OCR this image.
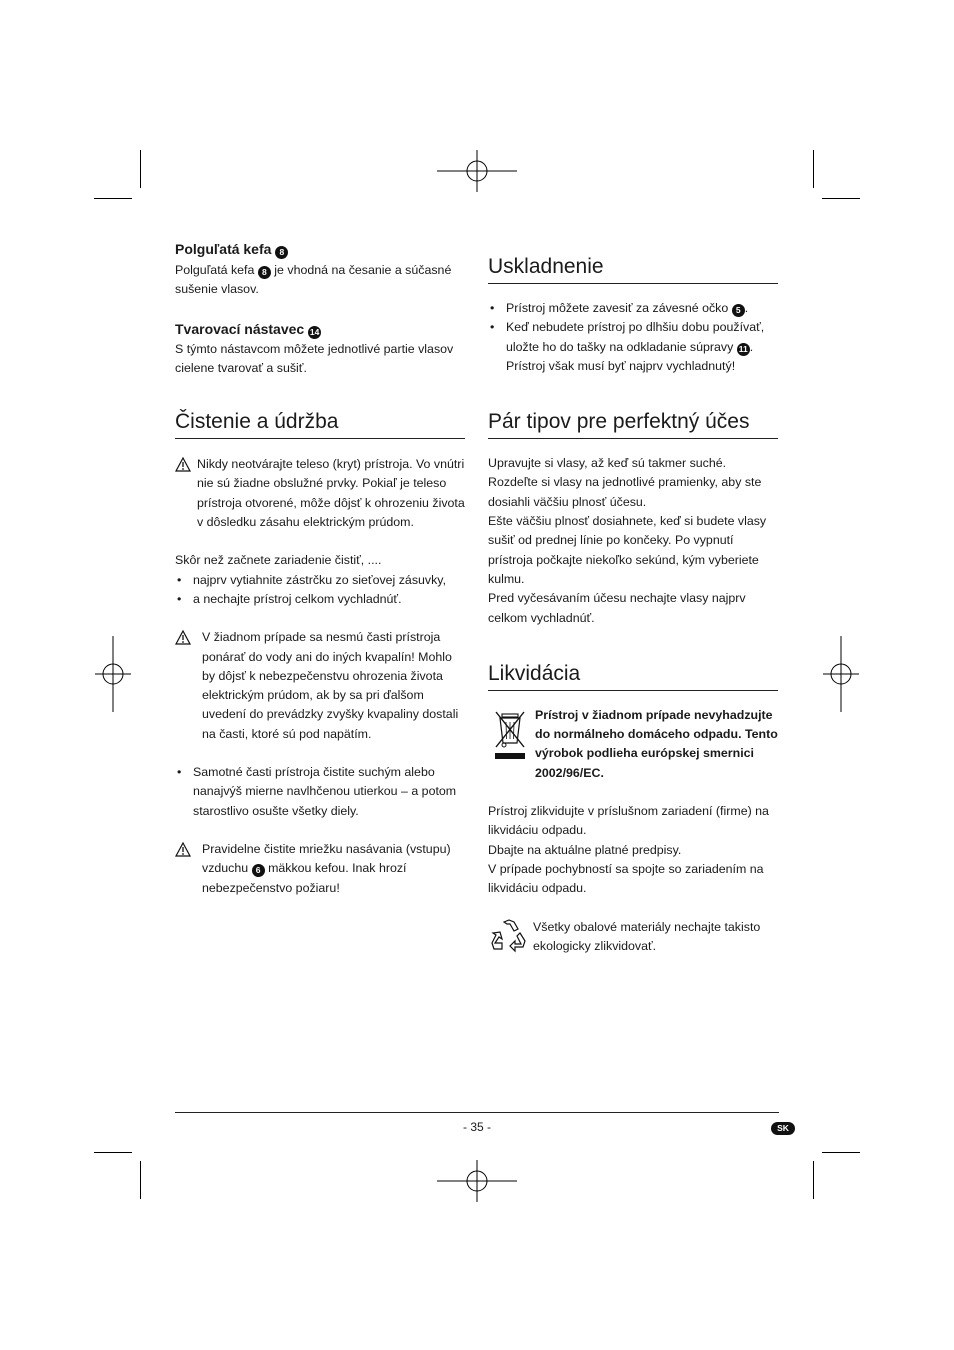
Polguľatá kefa 8

Polguľatá kefa 8 je vhodná na česanie a súčasné sušenie vlasov.

Tvarovací nástavec 14

S týmto nástavcom môžete jednotlivé partie vlasov cielene tvarovať a sušiť.

Čistenie a údržba

Nikdy neotvárajte teleso (kryt) prístroja. Vo vnútri nie sú žiadne obslužné prvky. Pokiaľ je teleso prístroja otvorené, môže dôjsť k ohrozeniu života v dôsledku zásahu elektrickým prúdom.

Skôr než začnete zariadenie čistiť, ....

• najprv vytiahnite zástrčku zo sieťovej zásuvky,
• a nechajte prístroj celkom vychladnúť.

V žiadnom prípade sa nesmú časti prístroja ponárať do vody ani do iných kvapalín! Mohlo by dôjsť k nebezpečenstvu ohrozenia života elektrickým prúdom, ak by sa pri ďalšom uvedení do prevádzky zvyšky kvapaliny dostali na časti, ktoré sú pod napätím.

• Samotné časti prístroja čistite suchým alebo nanajvýš mierne navlhčenou utierkou – a potom starostlivo osušte všetky diely.

Pravidelne čistite mriežku nasávania (vstupu) vzduchu 6 mäkkou kefou. Inak hrozí nebezpečenstvo požiaru!

Uskladnenie
• Prístroj môžete zavesiť za závesné očko 5 .
• Keď nebudete prístroj po dlhšiu dobu používať, uložte ho do tašky na odkladanie súpravy 11 . Prístroj však musí byť najprv vychladnutý!
Pár tipov pre perfektný účes

Upravujte si vlasy, až keď sú takmer suché.

Rozdeľte si vlasy na jednotlivé pramienky, aby ste dosiahli väčšiu plnosť účesu.

Ešte väčšiu plnosť dosiahnete, keď si budete vlasy sušiť od prednej línie po končeky. Po vypnutí prístroja počkajte niekoľko sekúnd, kým vyberiete kulmu.

Pred vyčesávaním účesu nechajte vlasy najprv celkom vychladnúť.

Likvidácia

Prístroj v žiadnom prípade nevyhadzujte do normálneho domáceho odpadu. Tento výrobok podlieha európskej smernici 2002/96/EC.

Prístroj zlikvidujte v príslušnom zariadení (firme) na likvidáciu odpadu.

Dbajte na aktuálne platné predpisy.

V prípade pochybností sa spojte so zariadením na likvidáciu odpadu.

Všetky obalové materiály nechajte takisto ekologicky zlikvidovať.

- 35 -	SK
